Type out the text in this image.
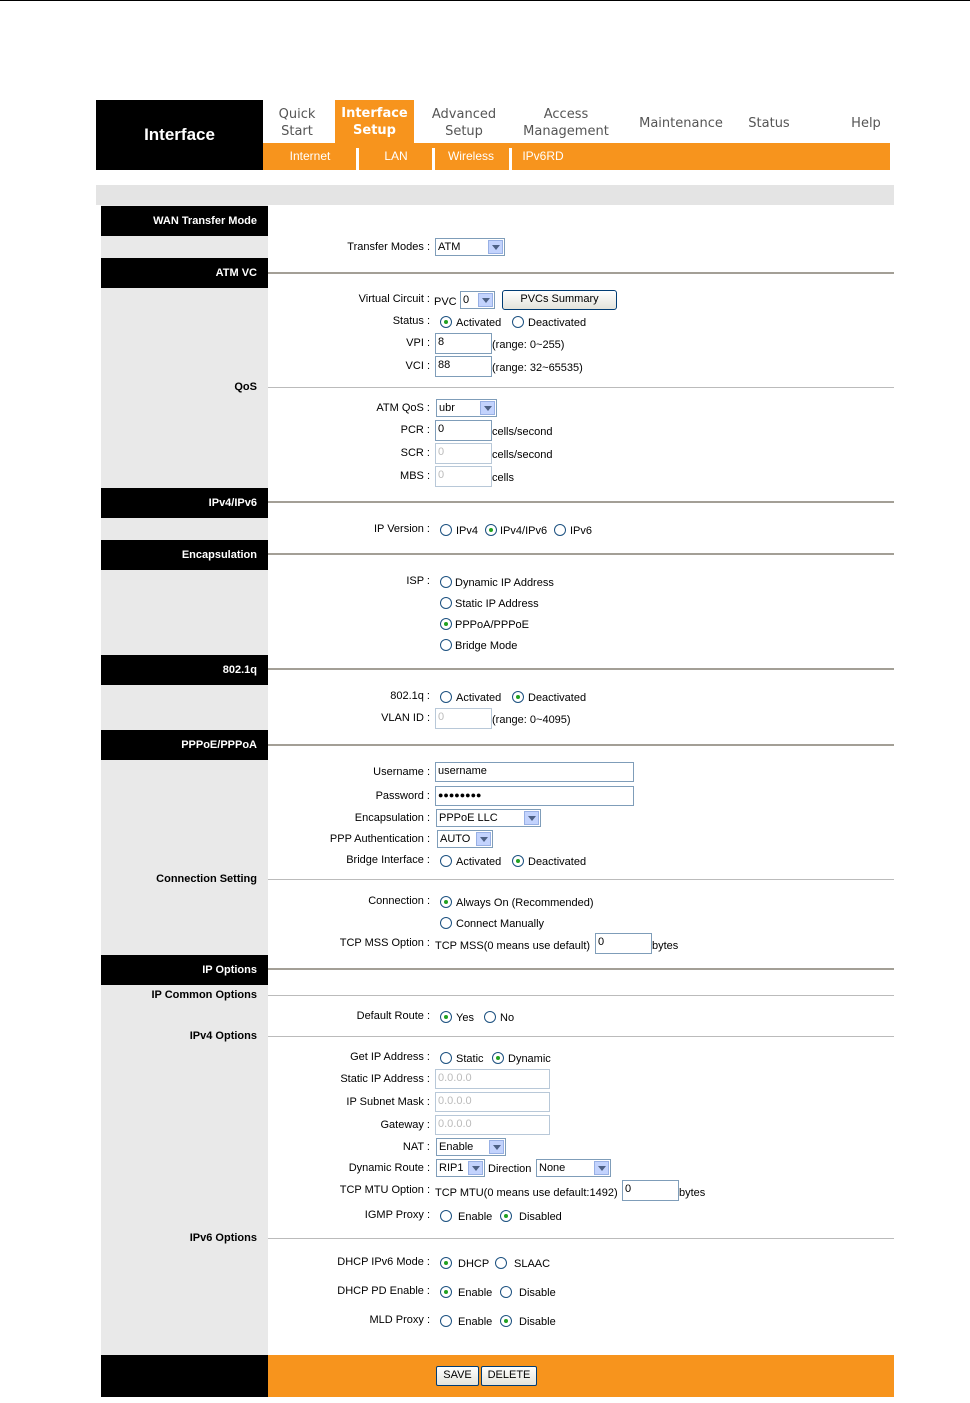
Interface
Quick
Start
Interface
Setup
Advanced
Setup
Access
Management
Maintenance Status	Help
Internet	LAN	Wireless	IPv6RD
WAN Transfer Mode
ATM VC
QoS
IPv4/IPv6
Encapsulation
802.1q
PPPoE/PPPoA
Connection Setting
IP Options
IP Common Options
IPv4 Options
IPv6 Options
Transfer Modes : ATM
Virtual Circuit : PVC 0	PVCs Summary
Status : Activated Deactivated
VPI : 8	(range: 0~255)
VCI : 88	(range: 32~65535)
ATM QoS : ubr
PCR : 0	cells/second
SCR : 0	cells/second
MBS : 0	cells
IP Version : IPv4 IPv4/IPv6 IPv6
ISP : Dynamic IP Address
Static IP Address
PPPoA/PPPoE
Bridge Mode
802.1q : Activated Deactivated
VLAN ID : 0	(range: 0~4095)
Username : username
Password : ●●●●●●●●
Encapsulation : PPPoE LLC
PPP Authentication : AUTO
Bridge Interface : Activated Deactivated
Connection : Always On (Recommended)
Connect Manually
TCP MSS Option : TCP MSS(0 means use default) 0	bytes
Default Route : Yes No
Get IP Address : Static Dynamic
Static IP Address : 0.0.0.0
IP Subnet Mask : 0.0.0.0
Gateway : 0.0.0.0
NAT : Enable
Dynamic Route : RIP1	Direction None
TCP MTU Option : TCP MTU(0 means use default:1492) 0	bytes
IGMP Proxy :	Enable Disabled
DHCP IPv6 Mode :	DHCP SLAAC
DHCP PD Enable :	Enable Disable
MLD Proxy :	Enable Disable
SAVE	DELETE
